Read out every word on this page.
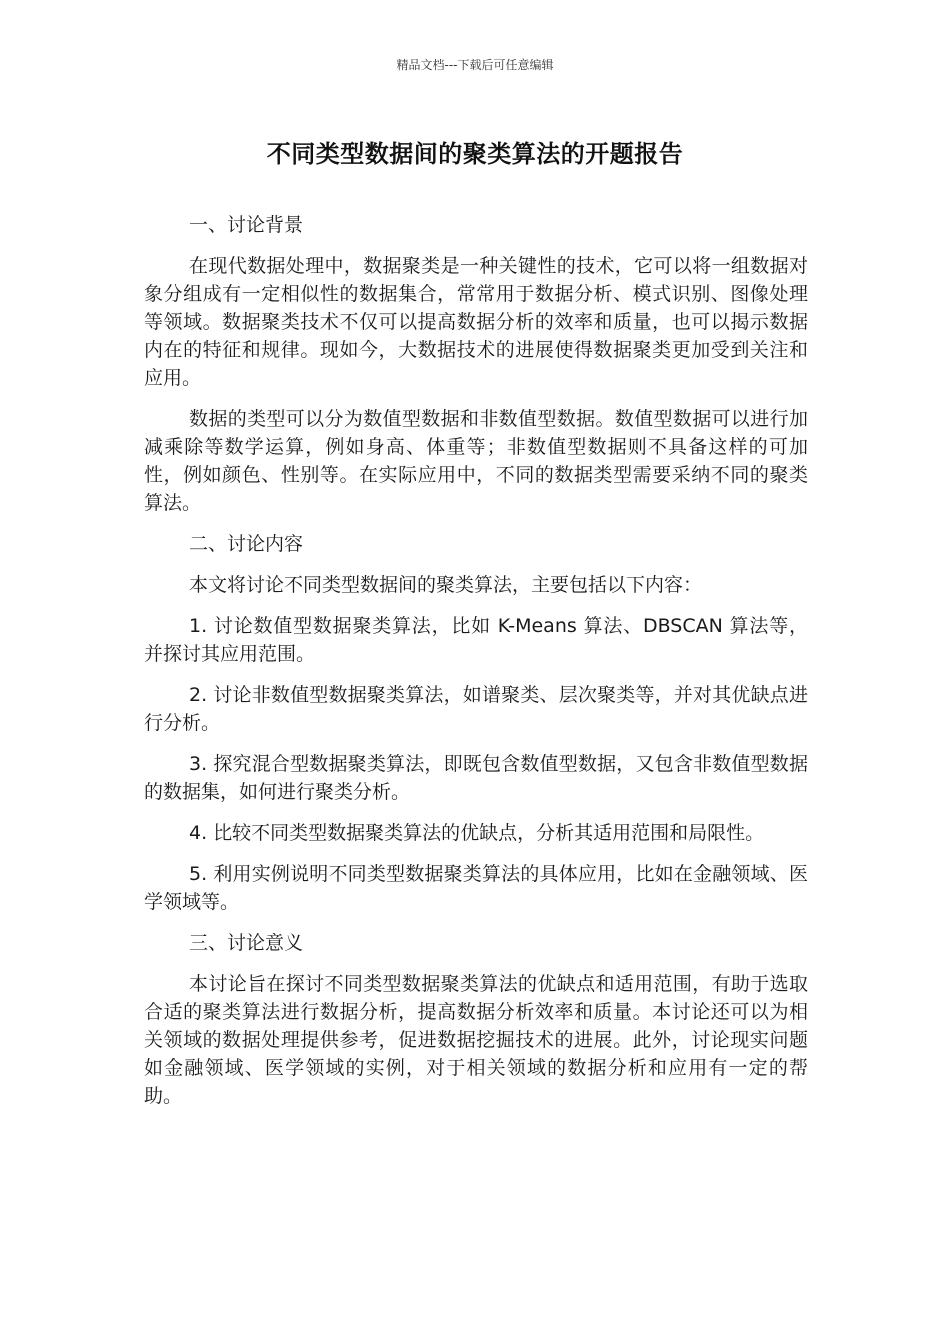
精品文档---下载后可任意编辑
不同类型数据间的聚类算法的开题报告

一、讨论背景

在现代数据处理中，数据聚类是一种关键性的技术，它可以将一组数据对象分组成有一定相似性的数据集合，常常用于数据分析、模式识别、图像处理等领域。数据聚类技术不仅可以提高数据分析的效率和质量，也可以揭示数据内在的特征和规律。现如今，大数据技术的进展使得数据聚类更加受到关注和应用。

数据的类型可以分为数值型数据和非数值型数据。数值型数据可以进行加减乘除等数学运算，例如身高、体重等；非数值型数据则不具备这样的可加性，例如颜色、性别等。在实际应用中，不同的数据类型需要采纳不同的聚类算法。

二、讨论内容

本文将讨论不同类型数据间的聚类算法，主要包括以下内容：

1. 讨论数值型数据聚类算法，比如 K-Means 算法、DBSCAN 算法等，并探讨其应用范围。

2. 讨论非数值型数据聚类算法，如谱聚类、层次聚类等，并对其优缺点进行分析。

3. 探究混合型数据聚类算法，即既包含数值型数据，又包含非数值型数据的数据集，如何进行聚类分析。

4. 比较不同类型数据聚类算法的优缺点，分析其适用范围和局限性。

5. 利用实例说明不同类型数据聚类算法的具体应用，比如在金融领域、医学领域等。

三、讨论意义

本讨论旨在探讨不同类型数据聚类算法的优缺点和适用范围，有助于选取合适的聚类算法进行数据分析，提高数据分析效率和质量。本讨论还可以为相关领域的数据处理提供参考，促进数据挖掘技术的进展。此外，讨论现实问题如金融领域、医学领域的实例，对于相关领域的数据分析和应用有一定的帮助。
